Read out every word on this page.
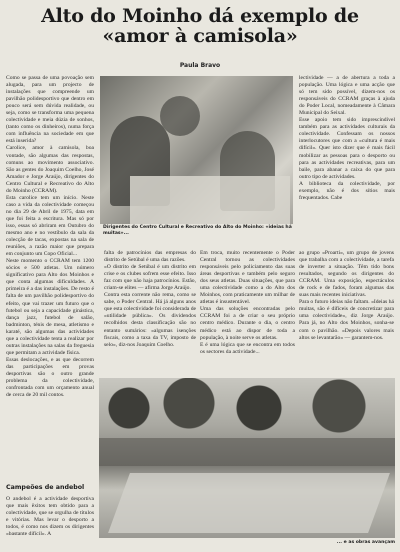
Alto do Moinho dá exemplo de «amor à camisola»
Paula Bravo
Como se passa de uma povoação sem alugada, para um projecto de instalações que compreende um pavilhão polidesportivo que dentro em pouco será sem dúvida realidade, ou seja, como se transforma uma pequena colectividade e meia dúzia de sonhos, (tanto como os dinheiros), numa força com influência na sociedade em que está inserida?
Carolice, amor à camisola, boa vontade, são algumas das respostas, comuns ao movimento associativo. São as gentes do Joaquim Coelho, José Amador e Jorge Araújo, dirigentes do Centro Cultural e Recreativo do Alto do Moinho (CCRAM).
Esta carolice tem um início. Neste caso a vida da colectividade começou no dia 29 de Abril de 1975, data em que foi feita a escritura. Mas só por isso, essas só abriram em Outubro do mesmo ano e no vestíbulo da sala da colecção de tacas, expostas na sala de reuniões, a razão maior que prepara em conjunto um Copo Oficial...
Neste momento o CCRAM tem 1200 sócios e 500 atletas. Um número significativo para Alto dos Moinhos e que conta algumas dificuldades. A primeira é a das instalações. De resto é falta de um pavilhão polidesportivo do efeito, que vai trazer um futuro que o futebol ou seja a capacidade ginástica, dança jazz, futebol de salão, badminton, ténis de mesa, atletismo e karaté, são algumas das actividades que a colectividade tenta a realizar por outras instalações na salas da freguesia que permitam a actividade física.
Essas deslocações, e as que decorrem das participações em provas desportivas são o outro grande problema da colectividade, confrontada com um orçamento anual de cerca de 20 mil contos.
Campeões de andebol
O andebol é a actividade desportiva que mais êxitos tem obtido para a colectividade, que se orgulha de títulos e vitórias. Mas levar o desporto a todos, é como nos dizem os dirigentes «bastante difícil». A
Dirigentes do Centro Cultural e Recreativo do Alto do Moinho: «ideias há muitas»...
falta de patrocínios das empresas do distrito de Setúbal é uma das razões.
«O distrito de Setúbal é um distrito em crise e os clubes sofrem esse efeito. Isso faz com que não haja patrocínios. Estão, criam-se elites — afirma Jorge Araújo.
Contra esta corrente não rema, como se sabe, o Poder Central. Há já alguns anos que esta colectividade foi considerada de «utilidade pública». Os dividendos recolhidos desta classificação são no entanto sumários: «algumas isenções fiscais, como a taxa da TV, imposto de selo», diz-nos Joaquim Coelho.
Em troca, muito recentemente o Poder Central tornou as colectividades responsáveis pelo policiamento das suas áreas desportivas e também pelo seguro dos seus atletas. Duas situações, que para uma colectividade como a do Alto dos Moinhos, com praticamente um milhar de atletas é insustentável.
Uma das soluções encontradas pelo CCRAM foi a de criar o seu próprio centro médico. Durante o dia, o centro médico está ao dispor de toda a população, à noite serve os atletas.
E é uma lógica que se encontra em todos os sectores da actividade...
lectividade — a de abertura a toda a população. Uma lógica e uma acção que só tem sido possível, dizem-nos os responsáveis do CCRAM graças à ajuda do Poder Local, nomeadamente à Câmara Municipal do Seixal.
Esse apoio tem sido imprescindível também para as actividades culturais da colectividade. Confessam os nossos interlocutores que com a «cultura é mais difícil». Quer isto dizer que é mais fácil mobilizar as pessoas para o desporto ou para as actividades recreativas, para um baile, para abanar a caixa do que para outro tipo de actividades.
A biblioteca da colectividade, por exemplo, não é dos sítios mais frequentados. Cabe
ao grupo «Proarti», um grupo de jovens que trabalha com a colectividade, a tarefa de inverter a situação. Têm tido bons resultados, segundo os dirigentes do CCRAM. Uma exposição, espectáculos de rock e de fados, foram algumas das suas mais recentes iniciativas.
Para o futuro ideias não faltam. «Ideias há muitas, são é difíceis de concretizar para uma colectividade», diz Jorge Araújo. Para já, no Alto dos Moinhos, sonha-se com o pavilhão. «Depois valores mais altos se levantarão» — garantem-nos.
... e as obras avançam
